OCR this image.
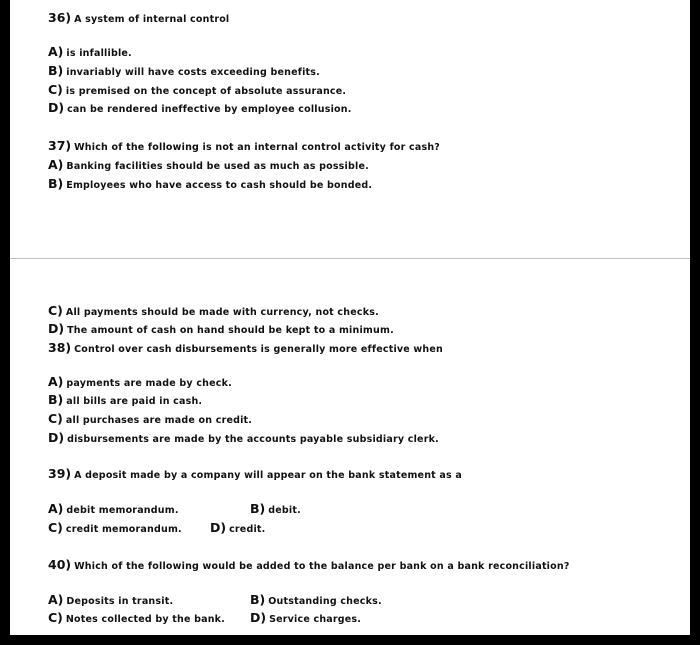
36) A system of internal control
A) is infallible.
B) invariably will have costs exceeding benefits.
C) is premised on the concept of absolute assurance.
D) can be rendered ineffective by employee collusion.
37) Which of the following is not an internal control activity for cash?
A) Banking facilities should be used as much as possible.
B) Employees who have access to cash should be bonded.
C) All payments should be made with currency, not checks.
D) The amount of cash on hand should be kept to a minimum.
38) Control over cash disbursements is generally more effective when
A) payments are made by check.
B) all bills are paid in cash.
C) all purchases are made on credit.
D) disbursements are made by the accounts payable subsidiary clerk.
39) A deposit made by a company will appear on the bank statement as a
A) debit memorandum.	B) debit.
C) credit memorandum. D) credit.
40) Which of the following would be added to the balance per bank on a bank reconciliation?
A) Deposits in transit.	B) Outstanding checks.
C) Notes collected by the bank. D) Service charges.
